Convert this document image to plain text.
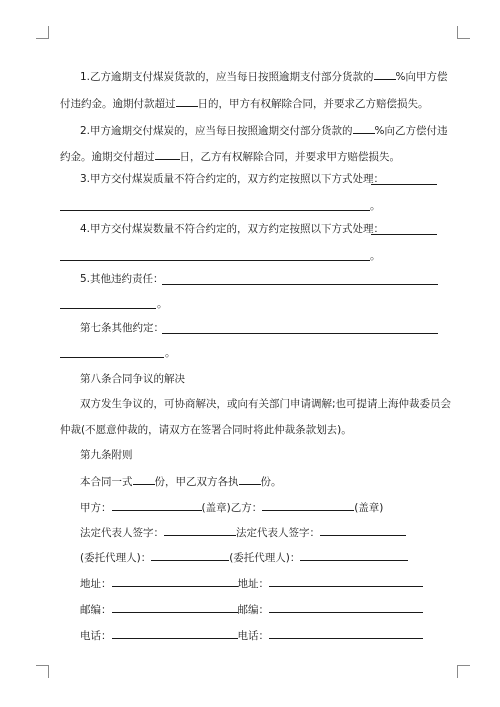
1.乙方逾期支付煤炭货款的，应当每日按照逾期支付部分货款的 %向甲方偿

付违约金。逾期付款超过 日的，甲方有权解除合同，并要求乙方赔偿损失。

2.甲方逾期交付煤炭的，应当每日按照逾期交付部分货款的 %向乙方偿付违

约金。逾期交付超过 日，乙方有权解除合同，并要求甲方赔偿损失。

3.甲方交付煤炭质量不符合约定的，双方约定按照以下方式处理：

。

4.甲方交付煤炭数量不符合约定的，双方约定按照以下方式处理：

。

5.其他违约责任：

。

第七条其他约定：

。

第八条合同争议的解决

双方发生争议的，可协商解决，或向有关部门申请调解;也可提请上海仲裁委员会

仲裁(不愿意仲裁的，请双方在签署合同时将此仲裁条款划去)。

第九条附则

本合同一式 份，甲乙双方各执 份。

甲方：	(盖章)乙方：	(盖章)

法定代表人签字：	法定代表人签字：

(委托代理人)：	(委托代理人)：

地址：	地址：

邮编：	邮编：

电话：	电话：
